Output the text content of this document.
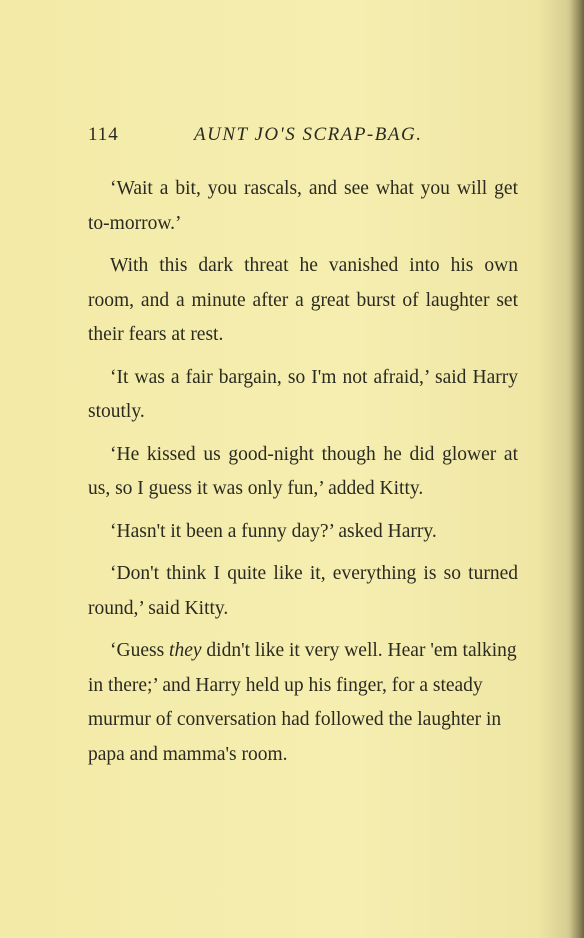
114	AUNT JO'S SCRAP-BAG.

‘Wait a bit, you rascals, and see what you will get to-morrow.’

With this dark threat he vanished into his own room, and a minute after a great burst of laughter set their fears at rest.

‘It was a fair bargain, so I'm not afraid,’ said Harry stoutly.

‘He kissed us good-night though he did glower at us, so I guess it was only fun,’ added Kitty.

‘Hasn't it been a funny day?’ asked Harry.

‘Don't think I quite like it, everything is so turned round,’ said Kitty.

‘Guess they didn't like it very well. Hear 'em talking in there;’ and Harry held up his finger, for a steady murmur of conversation had followed the laughter in papa and mamma's room.
